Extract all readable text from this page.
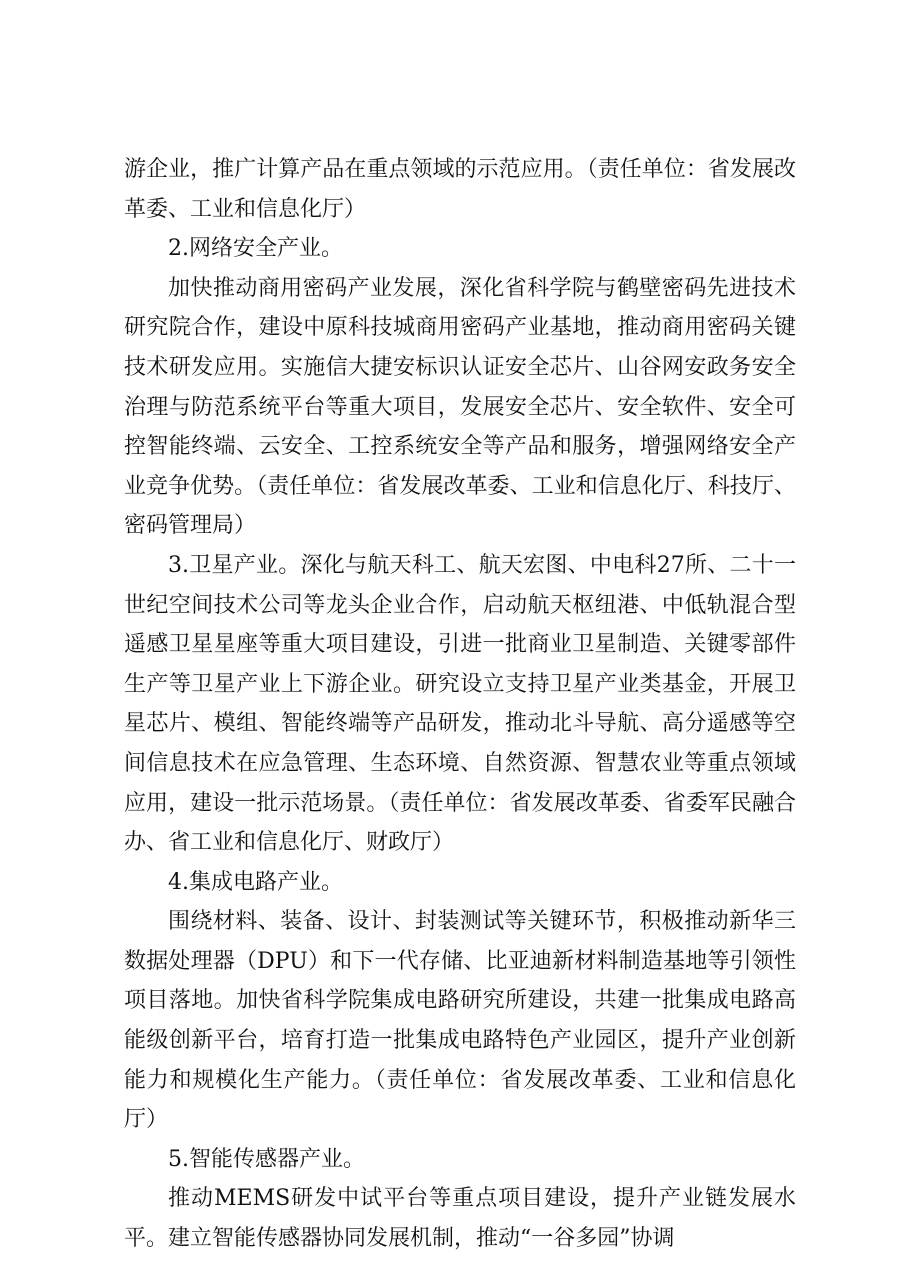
游企业，推广计算产品在重点领域的示范应用。（责任单位：省发展改革委、工业和信息化厅）

2.网络安全产业。

加快推动商用密码产业发展，深化省科学院与鹤壁密码先进技术研究院合作，建设中原科技城商用密码产业基地，推动商用密码关键技术研发应用。实施信大捷安标识认证安全芯片、山谷网安政务安全治理与防范系统平台等重大项目，发展安全芯片、安全软件、安全可控智能终端、云安全、工控系统安全等产品和服务，增强网络安全产业竞争优势。（责任单位：省发展改革委、工业和信息化厅、科技厅、密码管理局）

3.卫星产业。深化与航天科工、航天宏图、中电科27所、二十一世纪空间技术公司等龙头企业合作，启动航天枢纽港、中低轨混合型遥感卫星星座等重大项目建设，引进一批商业卫星制造、关键零部件生产等卫星产业上下游企业。研究设立支持卫星产业类基金，开展卫星芯片、模组、智能终端等产品研发，推动北斗导航、高分遥感等空间信息技术在应急管理、生态环境、自然资源、智慧农业等重点领域应用，建设一批示范场景。（责任单位：省发展改革委、省委军民融合办、省工业和信息化厅、财政厅）

4.集成电路产业。

围绕材料、装备、设计、封装测试等关键环节，积极推动新华三数据处理器（DPU）和下一代存储、比亚迪新材料制造基地等引领性项目落地。加快省科学院集成电路研究所建设，共建一批集成电路高能级创新平台，培育打造一批集成电路特色产业园区，提升产业创新能力和规模化生产能力。（责任单位：省发展改革委、工业和信息化厅）

5.智能传感器产业。

推动MEMS研发中试平台等重点项目建设，提升产业链发展水平。建立智能传感器协同发展机制，推动“一谷多园”协调
